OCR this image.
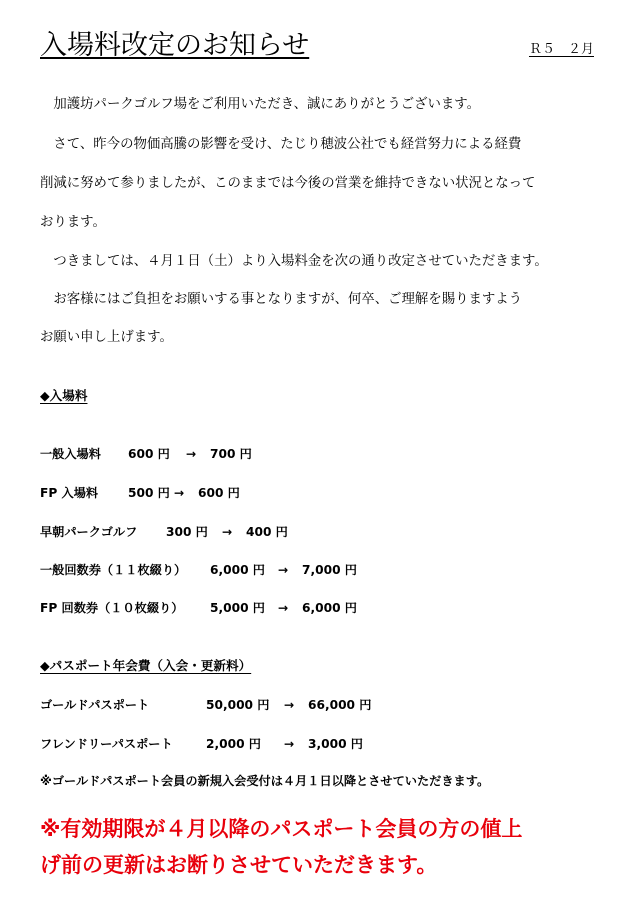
入場料改定のお知らせ	Ｒ５　２月
　加護坊パークゴルフ場をご利用いただき、誠にありがとうございます。
　さて、昨今の物価高騰の影響を受け、たじり穂波公社でも経営努力による経費
削減に努めて参りましたが、このままでは今後の営業を維持できない状況となって
おります。
　つきましては、４月１日（土）より入場料金を次の通り改定させていただきます。
　お客様にはご負担をお願いする事となりますが、何卒、ご理解を賜りますよう
お願い申し上げます。
◆入場料
一般入場料 600 円 → 700 円
FP 入場料 500 円 → 600 円
早朝パークゴルフ 300 円 → 400 円
一般回数券（１１枚綴り） 6,000 円 → 7,000 円
FP 回数券（１０枚綴り） 5,000 円 → 6,000 円
◆パスポート年会費（入会・更新料）
ゴールドパスポート	50,000 円 → 66,000 円
フレンドリーパスポート	2,000 円 → 3,000 円
※ゴールドパスポート会員の新規入会受付は４月１日以降とさせていただきます。
※有効期限が４月以降のパスポート会員の方の値上
げ前の更新はお断りさせていただきます。
